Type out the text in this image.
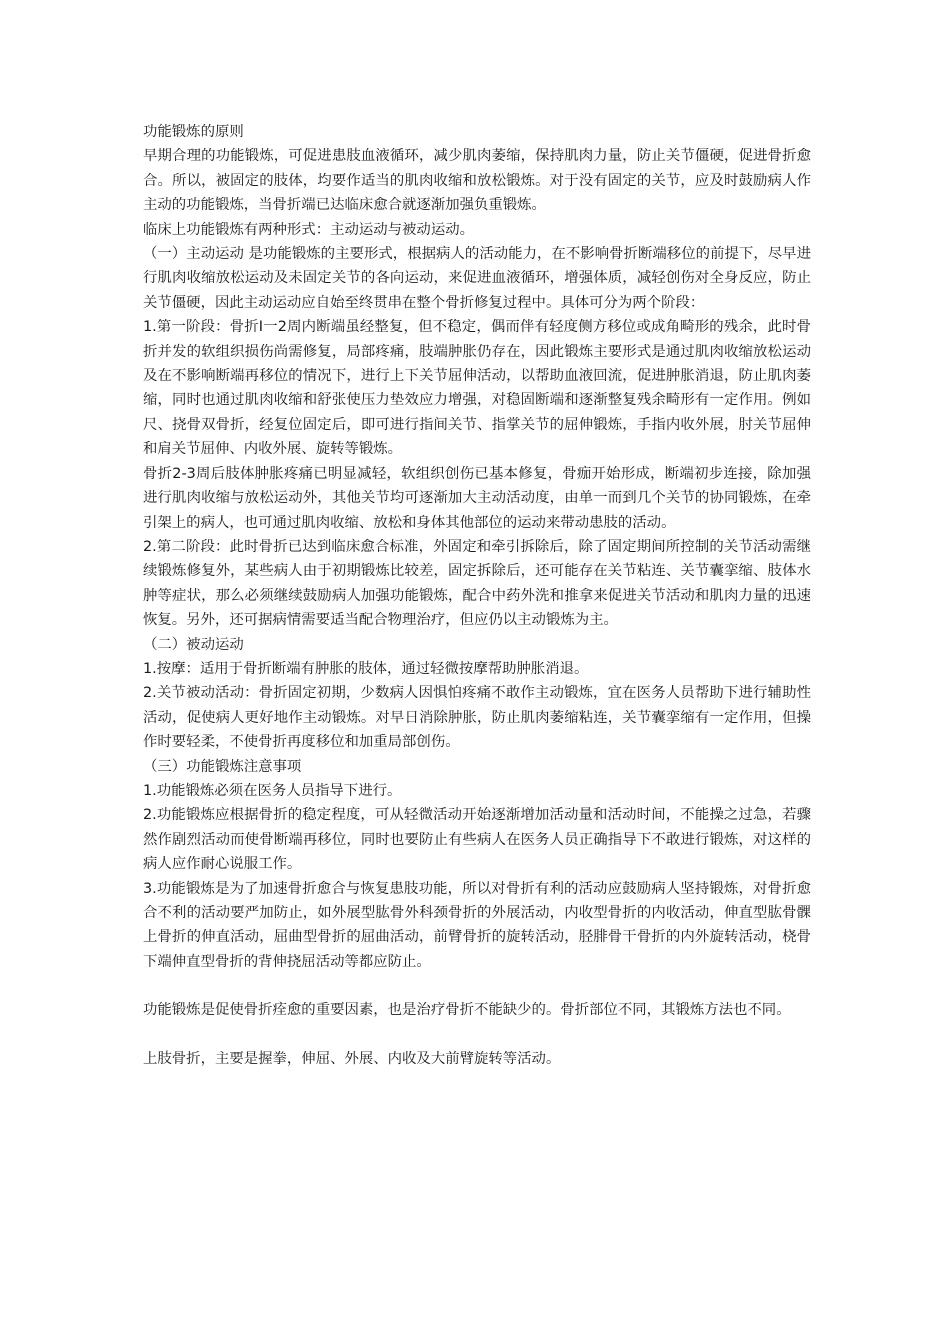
功能锻炼的原则

早期合理的功能锻炼，可促进患肢血液循环，减少肌肉萎缩，保持肌肉力量，防止关节僵硬，促进骨折愈合。所以，被固定的肢体，均要作适当的肌肉收缩和放松锻炼。对于没有固定的关节，应及时鼓励病人作主动的功能锻炼，当骨折端已达临床愈合就逐渐加强负重锻炼。

临床上功能锻炼有两种形式：主动运动与被动运动。

（一）主动运动 是功能锻炼的主要形式，根据病人的活动能力，在不影响骨折断端移位的前提下，尽早进行肌肉收缩放松运动及未固定关节的各向运动，来促进血液循环，增强体质，减轻创伤对全身反应，防止关节僵硬，因此主动运动应自始至终贯串在整个骨折修复过程中。具体可分为两个阶段：

1.第一阶段：骨折Ⅰ一2周内断端虽经整复，但不稳定，偶而伴有轻度侧方移位或成角畸形的残余，此时骨折并发的软组织损伤尚需修复，局部疼痛，肢端肿胀仍存在，因此锻炼主要形式是通过肌肉收缩放松运动及在不影响断端再移位的情况下，进行上下关节屈伸活动，以帮助血液回流，促进肿胀消退，防止肌肉萎缩，同时也通过肌肉收缩和舒张使压力垫效应力增强，对稳固断端和逐渐整复残余畸形有一定作用。例如尺、挠骨双骨折，经复位固定后，即可进行指间关节、指掌关节的屈伸锻炼，手指内收外展，肘关节屈伸和肩关节屈伸、内收外展、旋转等锻炼。

骨折2-3周后肢体肿胀疼痛已明显减轻，软组织创伤已基本修复，骨痂开始形成，断端初步连接，除加强进行肌肉收缩与放松运动外，其他关节均可逐渐加大主动活动度，由单一而到几个关节的协同锻炼，在牵引架上的病人，也可通过肌肉收缩、放松和身体其他部位的运动来带动患肢的活动。

2.第二阶段：此时骨折已达到临床愈合标准，外固定和牵引拆除后，除了固定期间所控制的关节活动需继续锻炼修复外，某些病人由于初期锻炼比较差，固定拆除后，还可能存在关节粘连、关节囊挛缩、肢体水肿等症状，那么必须继续鼓励病人加强功能锻炼，配合中药外洗和推拿来促进关节活动和肌肉力量的迅速恢复。另外，还可据病情需要适当配合物理治疗，但应仍以主动锻炼为主。

（二）被动运动

1.按摩：适用于骨折断端有肿胀的肢体，通过轻微按摩帮助肿胀消退。

2.关节被动活动：骨折固定初期，少数病人因惧怕疼痛不敢作主动锻炼，宜在医务人员帮助下进行辅助性活动，促使病人更好地作主动锻炼。对早日消除肿胀，防止肌肉萎缩粘连，关节囊挛缩有一定作用，但操作时要轻柔，不使骨折再度移位和加重局部创伤。

（三）功能锻炼注意事项

1.功能锻炼必须在医务人员指导下进行。

2.功能锻炼应根据骨折的稳定程度，可从轻微活动开始逐渐增加活动量和活动时间，不能操之过急，若骤然作剧烈活动而使骨断端再移位，同时也要防止有些病人在医务人员正确指导下不敢进行锻炼，对这样的病人应作耐心说服工作。

3.功能锻炼是为了加速骨折愈合与恢复患肢功能，所以对骨折有利的活动应鼓励病人坚持锻炼，对骨折愈合不利的活动要严加防止，如外展型肱骨外科颈骨折的外展活动，内收型骨折的内收活动，伸直型肱骨髁上骨折的伸直活动，屈曲型骨折的屈曲活动，前臂骨折的旋转活动，胫腓骨干骨折的内外旋转活动，桡骨下端伸直型骨折的背伸挠屈活动等都应防止。

功能锻炼是促使骨折痊愈的重要因素，也是治疗骨折不能缺少的。骨折部位不同，其锻炼方法也不同。

上肢骨折，主要是握拳，伸屈、外展、内收及大前臂旋转等活动。
